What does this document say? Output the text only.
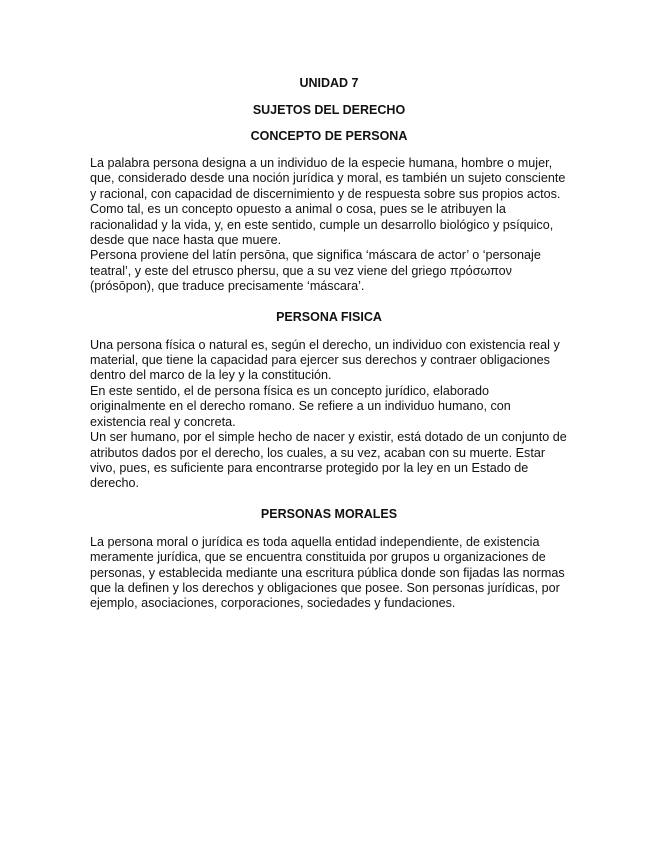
UNIDAD 7
SUJETOS DEL DERECHO
CONCEPTO DE PERSONA

La palabra persona designa a un individuo de la especie humana, hombre o mujer, que, considerado desde una noción jurídica y moral, es también un sujeto consciente y racional, con capacidad de discernimiento y de respuesta sobre sus propios actos. Como tal, es un concepto opuesto a animal o cosa, pues se le atribuyen la racionalidad y la vida, y, en este sentido, cumple un desarrollo biológico y psíquico, desde que nace hasta que muere.

Persona proviene del latín persōna, que significa ‘máscara de actor’ o ‘personaje teatral’, y este del etrusco phersu, que a su vez viene del griego πρόσωπον (prósōpon), que traduce precisamente ‘máscara’.

PERSONA FISICA

Una persona física o natural es, según el derecho, un individuo con existencia real y material, que tiene la capacidad para ejercer sus derechos y contraer obligaciones dentro del marco de la ley y la constitución.

En este sentido, el de persona física es un concepto jurídico, elaborado originalmente en el derecho romano. Se refiere a un individuo humano, con existencia real y concreta.

Un ser humano, por el simple hecho de nacer y existir, está dotado de un conjunto de atributos dados por el derecho, los cuales, a su vez, acaban con su muerte. Estar vivo, pues, es suficiente para encontrarse protegido por la ley en un Estado de derecho.

PERSONAS MORALES

La persona moral o jurídica es toda aquella entidad independiente, de existencia meramente jurídica, que se encuentra constituida por grupos u organizaciones de personas, y establecida mediante una escritura pública donde son fijadas las normas que la definen y los derechos y obligaciones que posee. Son personas jurídicas, por ejemplo, asociaciones, corporaciones, sociedades y fundaciones.
